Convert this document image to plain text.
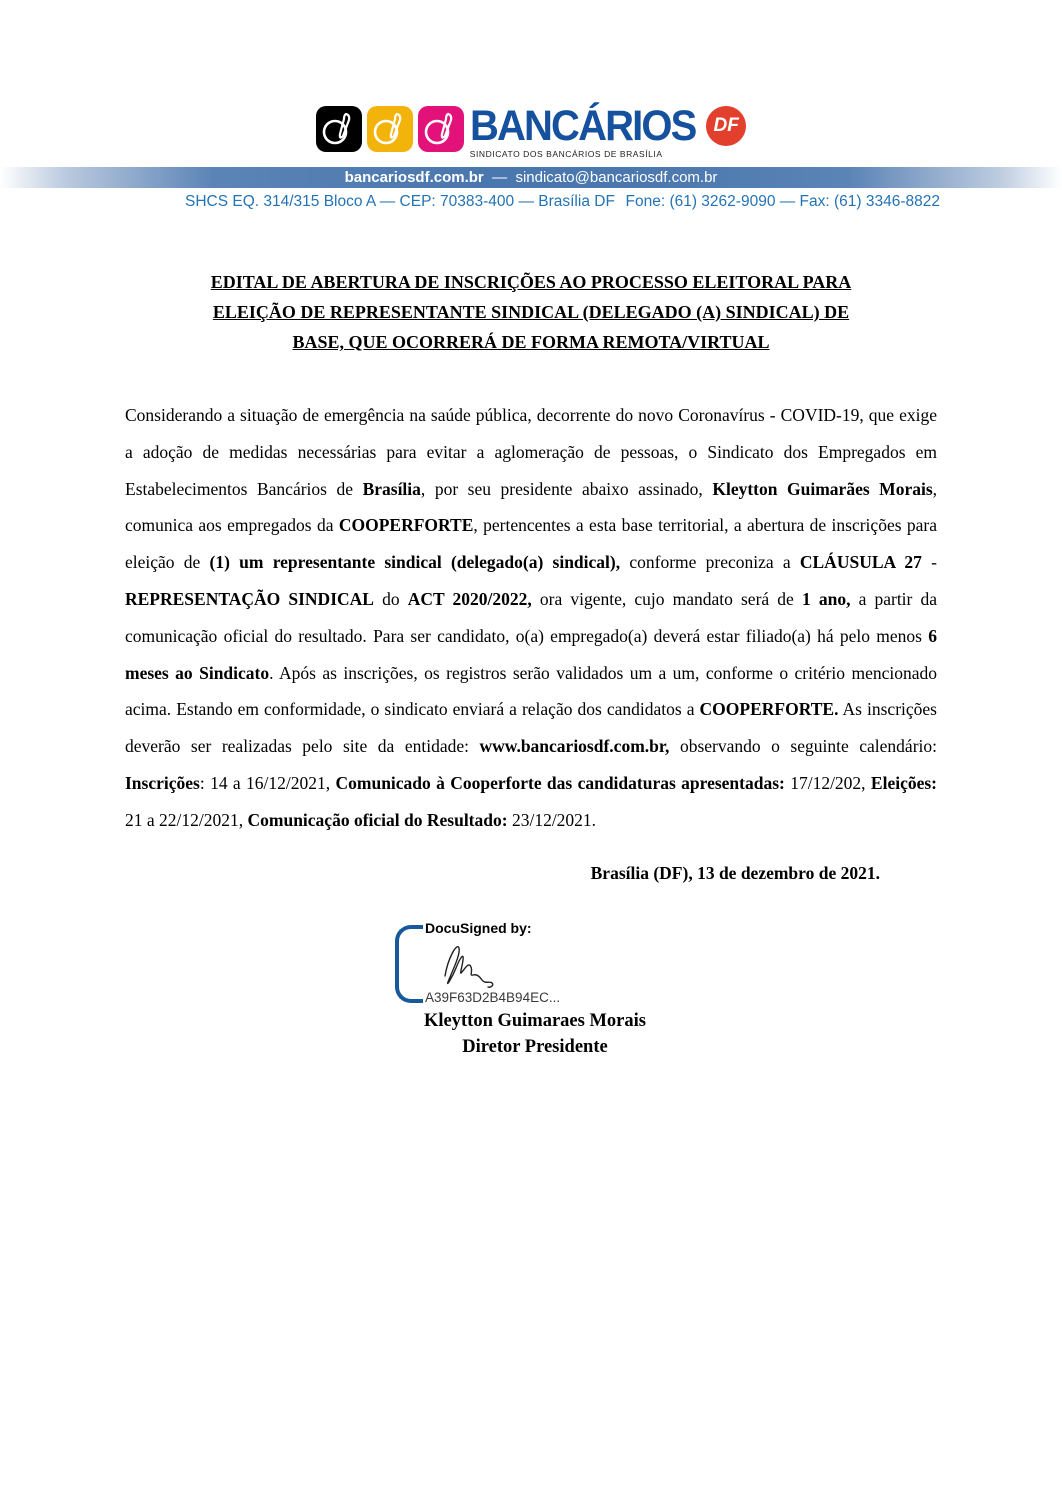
BANCÁRIOS DF
SINDICATO DOS BANCÁRIOS DE BRASÍLIA
bancariosdf.com.br — sindicato@bancariosdf.com.br
SHCS EQ. 314/315 Bloco A — CEP: 70383-400 — Brasília DF Fone: (61) 3262-9090 — Fax: (61) 3346-8822
EDITAL DE ABERTURA DE INSCRIÇÕES AO PROCESSO ELEITORAL PARA
ELEIÇÃO DE REPRESENTANTE SINDICAL (DELEGADO (A) SINDICAL) DE
BASE, QUE OCORRERÁ DE FORMA REMOTA/VIRTUAL

Considerando a situação de emergência na saúde pública, decorrente do novo Coronavírus - COVID-19, que exige a adoção de medidas necessárias para evitar a aglomeração de pessoas, o Sindicato dos Empregados em Estabelecimentos Bancários de Brasília, por seu presidente abaixo assinado, Kleytton Guimarães Morais, comunica aos empregados da COOPERFORTE, pertencentes a esta base territorial, a abertura de inscrições para eleição de (1) um representante sindical (delegado(a) sindical), conforme preconiza a CLÁUSULA 27 - REPRESENTAÇÃO SINDICAL do ACT 2020/2022, ora vigente, cujo mandato será de 1 ano, a partir da comunicação oficial do resultado. Para ser candidato, o(a) empregado(a) deverá estar filiado(a) há pelo menos 6 meses ao Sindicato. Após as inscrições, os registros serão validados um a um, conforme o critério mencionado acima. Estando em conformidade, o sindicato enviará a relação dos candidatos a COOPERFORTE. As inscrições deverão ser realizadas pelo site da entidade: www.bancariosdf.com.br, observando o seguinte calendário: Inscrições: 14 a 16/12/2021, Comunicado à Cooperforte das candidaturas apresentadas: 17/12/202, Eleições: 21 a 22/12/2021, Comunicação oficial do Resultado: 23/12/2021.

Brasília (DF), 13 de dezembro de 2021.
DocuSigned by:
A39F63D2B4B94EC...
Kleytton Guimaraes Morais
Diretor Presidente
